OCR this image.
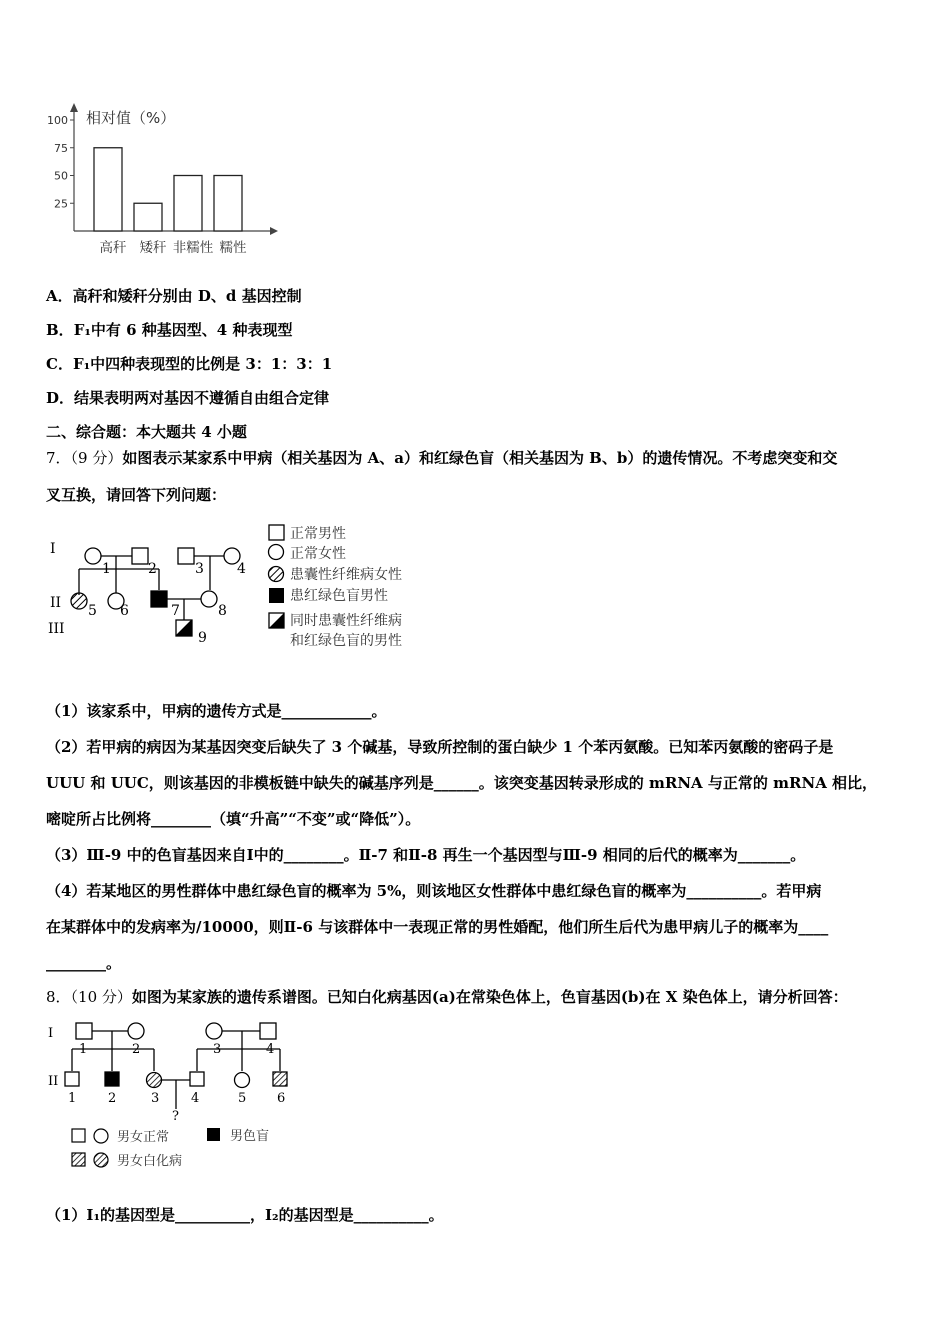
相对值（%）
25
50
75
100
高秆 矮秆 非糯性 糯性
A．高秆和矮秆分别由 D、d 基因控制
B．F₁中有 6 种基因型、4 种表现型
C．F₁中四种表现型的比例是 3：1：3：1
D．结果表明两对基因不遵循自由组合定律
二、综合题：本大题共 4 小题
7．（9 分）如图表示某家系中甲病（相关基因为 A、a）和红绿色盲（相关基因为 B、b）的遗传情况。不考虑突变和交
叉互换，请回答下列问题：
I
II
III
1	2	3 4
5 6	7	8
9
正常男性
正常女性
患囊性纤维病女性
患红绿色盲男性
同时患囊性纤维病
和红绿色盲的男性

（1）该家系中，甲病的遗传方式是____________。

（2）若甲病的病因为某基因突变后缺失了 3 个碱基，导致所控制的蛋白缺少 1 个苯丙氨酸。已知苯丙氨酸的密码子是

UUU 和 UUC，则该基因的非模板链中缺失的碱基序列是______。该突变基因转录形成的 mRNA 与正常的 mRNA 相比，

嘧啶所占比例将________（填“升高”“不变”或“降低”）。

（3）Ⅲ-9 中的色盲基因来自Ⅰ中的________。Ⅱ-7 和Ⅱ-8 再生一个基因型与Ⅲ-9 相同的后代的概率为_______。

（4）若某地区的男性群体中患红绿色盲的概率为 5%，则该地区女性群体中患红绿色盲的概率为__________。若甲病

在某群体中的发病率为/10000，则Ⅱ-6 与该群体中一表现正常的男性婚配，他们所生后代为患甲病儿子的概率为____

________。

8．（10 分）如图为某家族的遗传系谱图。已知白化病基因(a)在常染色体上，色盲基因(b)在 X 染色体上，请分析回答：
I
II
1	2	3	4
1 2	3 4	5 6
?
男女正常	男色盲
男女白化病
（1）Ⅰ₁的基因型是__________，Ⅰ₂的基因型是__________。
